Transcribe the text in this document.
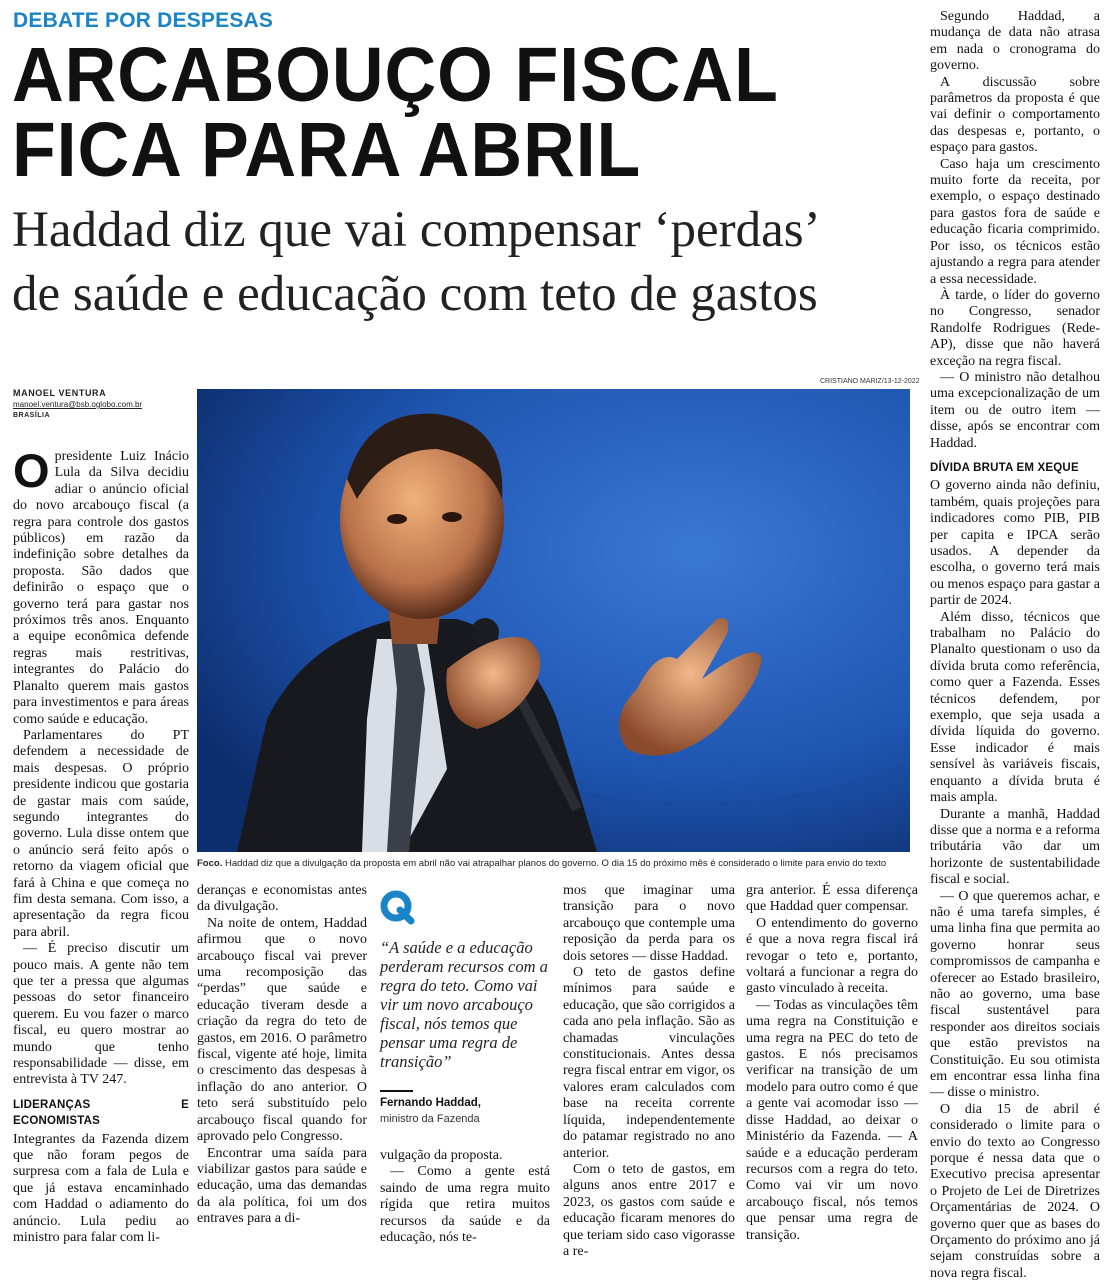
DEBATE POR DESPESAS
ARCABOUÇO FISCAL
FICA PARA ABRIL
Haddad diz que vai compensar ‘perdas’
de saúde e educação com teto de gastos
MANOEL VENTURA
manoel.ventura@bsb.oglobo.com.br
BRASÍLIA
CRISTIANO MARIZ/13-12-2022
Foco. Haddad diz que a divulgação da proposta em abril não vai atrapalhar planos do governo. O dia 15 do próximo mês é considerado o limite para envio do texto
O presidente Luiz Inácio Lula da Silva decidiu adiar o anúncio oficial do novo arcabouço fiscal (a regra para controle dos gastos públicos) em razão da indefinição sobre detalhes da proposta. São dados que definirão o espaço que o governo terá para gastar nos próximos três anos. Enquanto a equipe econômica defende regras mais restritivas, integrantes do Palácio do Planalto querem mais gastos para investimentos e para áreas como saúde e educação.

Parlamentares do PT defendem a necessidade de mais despesas. O próprio presidente indicou que gostaria de gastar mais com saúde, segundo integrantes do governo. Lula disse ontem que o anúncio será feito após o retorno da viagem oficial que fará à China e que começa no fim desta semana. Com isso, a apresentação da regra ficou para abril.

— É preciso discutir um pouco mais. A gente não tem que ter a pressa que algumas pessoas do setor financeiro querem. Eu vou fazer o marco fiscal, eu quero mostrar ao mundo que tenho responsabilidade — disse, em entrevista à TV 247.

LIDERANÇAS E ECONOMISTAS

Integrantes da Fazenda dizem que não foram pegos de surpresa com a fala de Lula e que já estava encaminhado com Haddad o adiamento do anúncio. Lula pediu ao ministro para falar com li-

deranças e economistas antes da divulgação.

Na noite de ontem, Haddad afirmou que o novo arcabouço fiscal vai prever uma recomposição das “perdas” que saúde e educação tiveram desde a criação da regra do teto de gastos, em 2016. O parâmetro fiscal, vigente até hoje, limita o crescimento das despesas à inflação do ano anterior. O teto será substituído pelo arcabouço fiscal quando for aprovado pelo Congresso.

Encontrar uma saída para viabilizar gastos para saúde e educação, uma das demandas da ala política, foi um dos entraves para a di-

“A saúde e a educação perderam recursos com a regra do teto. Como vai vir um novo arcabouço fiscal, nós temos que pensar uma regra de transição”
Fernando Haddad,
ministro da Fazenda

vulgação da proposta.

— Como a gente está saindo de uma regra muito rígida que retira muitos recursos da saúde e da educação, nós te-

mos que imaginar uma transição para o novo arcabouço que contemple uma reposição da perda para os dois setores — disse Haddad.

O teto de gastos define mínimos para saúde e educação, que são corrigidos a cada ano pela inflação. São as chamadas vinculações constitucionais. Antes dessa regra fiscal entrar em vigor, os valores eram calculados com base na receita corrente líquida, independentemente do patamar registrado no ano anterior.

Com o teto de gastos, em alguns anos entre 2017 e 2023, os gastos com saúde e educação ficaram menores do que teriam sido caso vigorasse a re-

gra anterior. É essa diferença que Haddad quer compensar.

O entendimento do governo é que a nova regra fiscal irá revogar o teto e, portanto, voltará a funcionar a regra do gasto vinculado à receita.

— Todas as vinculações têm uma regra na Constituição e uma regra na PEC do teto de gastos. E nós precisamos verificar na transição de um modelo para outro como é que a gente vai acomodar isso — disse Haddad, ao deixar o Ministério da Fazenda. — A saúde e a educação perderam recursos com a regra do teto. Como vai vir um novo arcabouço fiscal, nós temos que pensar uma regra de transição.

Segundo Haddad, a mudança de data não atrasa em nada o cronograma do governo.

A discussão sobre parâmetros da proposta é que vai definir o comportamento das despesas e, portanto, o espaço para gastos.

Caso haja um crescimento muito forte da receita, por exemplo, o espaço destinado para gastos fora de saúde e educação ficaria comprimido. Por isso, os técnicos estão ajustando a regra para atender a essa necessidade.

À tarde, o líder do governo no Congresso, senador Randolfe Rodrigues (Rede-AP), disse que não haverá exceção na regra fiscal.

— O ministro não detalhou uma excepcionalização de um item ou de outro item — disse, após se encontrar com Haddad.

DÍVIDA BRUTA EM XEQUE

O governo ainda não definiu, também, quais projeções para indicadores como PIB, PIB per capita e IPCA serão usados. A depender da escolha, o governo terá mais ou menos espaço para gastar a partir de 2024.

Além disso, técnicos que trabalham no Palácio do Planalto questionam o uso da dívida bruta como referência, como quer a Fazenda. Esses técnicos defendem, por exemplo, que seja usada a dívida líquida do governo. Esse indicador é mais sensível às variáveis fiscais, enquanto a dívida bruta é mais ampla.

Durante a manhã, Haddad disse que a norma e a reforma tributária vão dar um horizonte de sustentabilidade fiscal e social.

— O que queremos achar, e não é uma tarefa simples, é uma linha fina que permita ao governo honrar seus compromissos de campanha e oferecer ao Estado brasileiro, não ao governo, uma base fiscal sustentável para responder aos direitos sociais que estão previstos na Constituição. Eu sou otimista em encontrar essa linha fina — disse o ministro.

O dia 15 de abril é considerado o limite para o envio do texto ao Congresso porque é nessa data que o Executivo precisa apresentar o Projeto de Lei de Diretrizes Orçamentárias de 2024. O governo quer que as bases do Orçamento do próximo ano já sejam construídas sobre a nova regra fiscal.
